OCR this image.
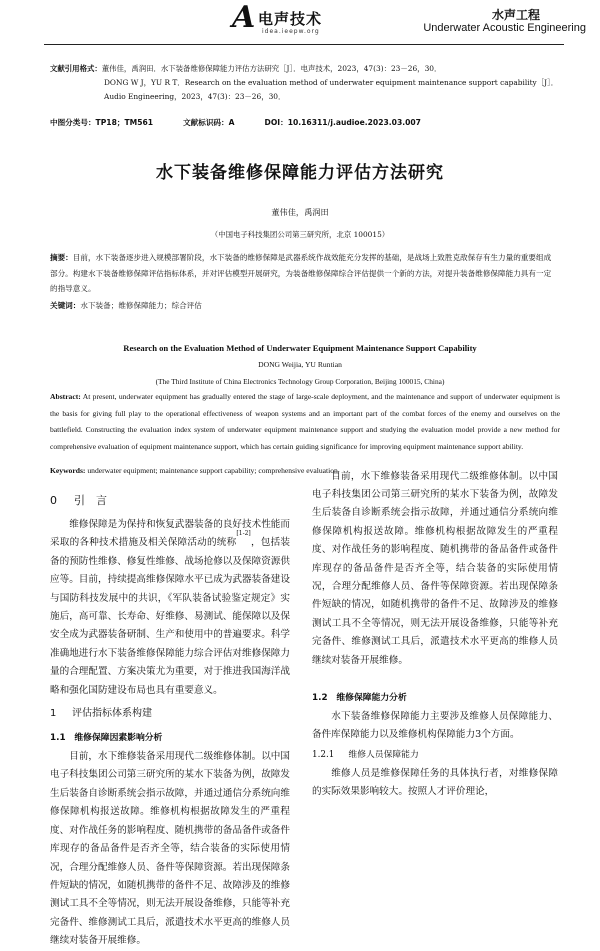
A 电声技术
idea.ieepw.org
水声工程
Underwater Acoustic Engineering
文献引用格式：董伟佳，禹润田．水下装备维修保障能力评估方法研究［J］．电声技术，2023，47(3)：23－26，30．
DONG W J，YU R T．Research on the evaluation method of underwater equipment maintenance support capability［J］．Audio Engineering，2023，47(3)：23－26，30．
中图分类号：TP18；TM561	文献标识码：A	DOI：10.16311/j.audioe.2023.03.007
水下装备维修保障能力评估方法研究
董伟佳，禹润田
（中国电子科技集团公司第三研究所，北京 100015）
摘要：目前，水下装备逐步进入规模部署阶段，水下装备的维修保障是武器系统作战效能充分发挥的基础，是战场上致胜克敌保存有生力量的重要组成部分。构建水下装备维修保障评估指标体系，并对评估模型开展研究，为装备维修保障综合评估提供一个新的方法，对提升装备维修保障能力具有一定的指导意义。
关键词：水下装备；维修保障能力；综合评估
Research on the Evaluation Method of Underwater Equipment Maintenance Support Capability
DONG Weijia, YU Runtian
(The Third Institute of China Electronics Technology Group Corporation, Beijing 100015, China)
Abstract: At present, underwater equipment has gradually entered the stage of large-scale deployment, and the maintenance and support of underwater equipment is the basis for giving full play to the operational effectiveness of weapon systems and an important part of the combat forces of the enemy and ourselves on the battlefield. Constructing the evaluation index system of underwater equipment maintenance support and studying the evaluation model provide a new method for comprehensive evaluation of equipment maintenance support, which has certain guiding significance for improving equipment maintenance support ability.
Keywords: underwater equipment; maintenance support capability; comprehensive evaluation
0 引　言
维修保障是为保持和恢复武器装备的良好技术性能而采取的各种技术措施及相关保障活动的统称[1-2]，包括装备的预防性维修、修复性维修、战场抢修以及保障资源供应等。目前，持续提高维修保障水平已成为武器装备建设与国防科技发展中的共识，《军队装备试验鉴定规定》实施后，高可靠、长寿命、好维修、易测试、能保障以及保安全成为武器装备研制、生产和使用中的普遍要求。科学准确地进行水下装备维修保障能力综合评估对维修保障力量的合理配置、方案决策尤为重要，对于推进我国海洋战略和强化国防建设布局也具有重要意义。
1 评估指标体系构建
1.1　维修保障因素影响分析
目前，水下维修装备采用现代二级维修体制。以中国电子科技集团公司第三研究所的某水下装备为例，故障发生后装备自诊断系统会指示故障，并通过通信分系统向维修保障机构报送故障。维修机构根据故障发生的严重程度、对作战任务的影响程度、随机携带的备品备件或备件库现存的备品备件是否齐全等，结合装备的实际使用情况，合理分配维修人员、备件等保障资源。若出现保障条件短缺的情况，如随机携带的备件不足、故障涉及的维修测试工具不全等情况，则无法开展设备维修，只能等补充完备件、维修测试工具后，派遣技术水平更高的维修人员继续对装备开展维修。
目前，水下维修装备采用现代二级维修体制。以中国电子科技集团公司第三研究所的某水下装备为例，故障发生后装备自诊断系统会指示故障，并通过通信分系统向维修保障机构报送故障。维修机构根据故障发生的严重程度、对作战任务的影响程度、随机携带的备品备件或备件库现存的备品备件是否齐全等，结合装备的实际使用情况，合理分配维修人员、备件等保障资源。若出现保障条件短缺的情况，如随机携带的备件不足、故障涉及的维修测试工具不全等情况，则无法开展设备维修，只能等补充完备件、维修测试工具后，派遣技术水平更高的维修人员继续对装备开展维修。
1.2　维修保障能力分析
水下装备维修保障能力主要涉及维修人员保障能力、备件库保障能力以及维修机构保障能力3个方面。
1.2.1 维修人员保障能力
维修人员是维修保障任务的具体执行者，对维修保障的实际效果影响较大。按照人才评价理论，
